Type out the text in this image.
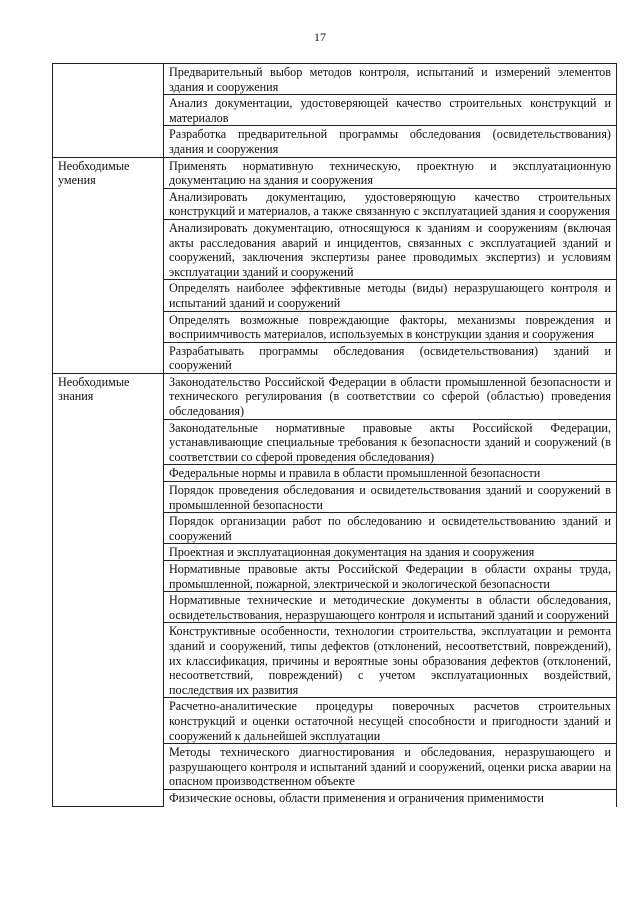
17
	Предварительный выбор методов контроля, испытаний и измерений элементов здания и сооружения
	Анализ документации, удостоверяющей качество строительных конструкций и материалов
	Разработка предварительной программы обследования (освидетельствования) здания и сооружения
Необходимые умения	Применять нормативную техническую, проектную и эксплуатационную документацию на здания и сооружения
	Анализировать документацию, удостоверяющую качество строительных конструкций и материалов, а также связанную с эксплуатацией здания и сооружения
	Анализировать документацию, относящуюся к зданиям и сооружениям (включая акты расследования аварий и инцидентов, связанных с эксплуатацией зданий и сооружений, заключения экспертизы ранее проводимых экспертиз) и условиям эксплуатации зданий и сооружений
	Определять наиболее эффективные методы (виды) неразрушающего контроля и испытаний зданий и сооружений
	Определять возможные повреждающие факторы, механизмы повреждения и восприимчивость материалов, используемых в конструкции здания и сооружения
	Разрабатывать программы обследования (освидетельствования) зданий и сооружений
Необходимые знания	Законодательство Российской Федерации в области промышленной безопасности и технического регулирования (в соответствии со сферой (областью) проведения обследования)
	Законодательные нормативные правовые акты Российской Федерации, устанавливающие специальные требования к безопасности зданий и сооружений (в соответствии со сферой проведения обследования)
	Федеральные нормы и правила в области промышленной безопасности
	Порядок проведения обследования и освидетельствования зданий и сооружений в промышленной безопасности
	Порядок организации работ по обследованию и освидетельствованию зданий и сооружений
	Проектная и эксплуатационная документация на здания и сооружения
	Нормативные правовые акты Российской Федерации в области охраны труда, промышленной, пожарной, электрической и экологической безопасности
	Нормативные технические и методические документы в области обследования, освидетельствования, неразрушающего контроля и испытаний зданий и сооружений
	Конструктивные особенности, технологии строительства, эксплуатации и ремонта зданий и сооружений, типы дефектов (отклонений, несоответствий, повреждений), их классификация, причины и вероятные зоны образования дефектов (отклонений, несоответствий, повреждений) с учетом эксплуатационных воздействий, последствия их развития
	Расчетно-аналитические процедуры поверочных расчетов строительных конструкций и оценки остаточной несущей способности и пригодности зданий и сооружений к дальнейшей эксплуатации
	Методы технического диагностирования и обследования, неразрушающего и разрушающего контроля и испытаний зданий и сооружений, оценки риска аварии на опасном производственном объекте
	Физические основы, области применения и ограничения применимости
